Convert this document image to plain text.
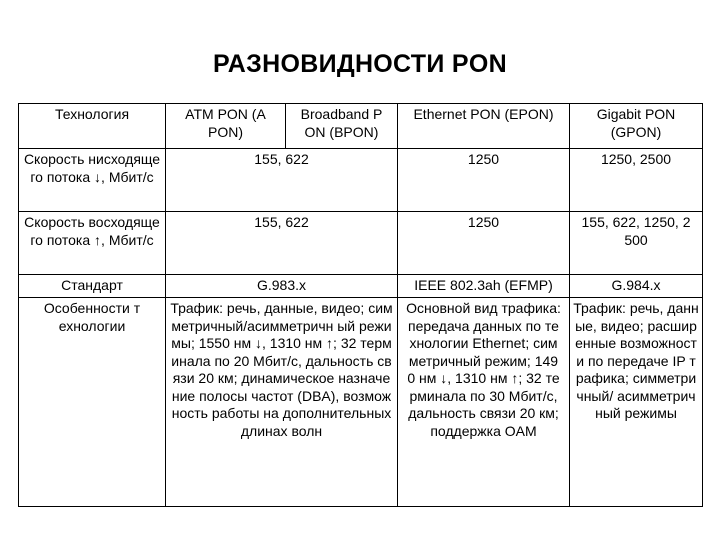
РАЗНОВИДНОСТИ PON
Технология	ATM PON (APON)	Broadband PON (BPON)	Ethernet PON (EPON)	Gigabit PON (GPON)
Скорость нисходящего потока ↓, Мбит/с	155, 622		1250	1250, 2500
Скорость восходящего потока ↑, Мбит/с	155, 622		1250	155, 622, 1250, 2500
Стандарт	G.983.x		IEEE 802.3ah (EFMP)	G.984.x
Особенности технологии	Трафик: речь, данные, видео; симметричный/асимметричн ый режимы; 1550 нм ↓, 1310 нм ↑; 32 терминала по 20 Мбит/с, дальность связи 20 км; динамическое назначение полосы частот (DBA), возможность работы на дополнительных длинах волн		Основной вид трафика: передача данных по технологии Ethernet; симметричный режим; 1490 нм ↓, 1310 нм ↑; 32 терминала по 30 Мбит/с, дальность связи 20 км; поддержка OAM	Трафик: речь, данные, видео; расширенные возможности по передаче IP трафика; симметричный/ асимметричный режимы
